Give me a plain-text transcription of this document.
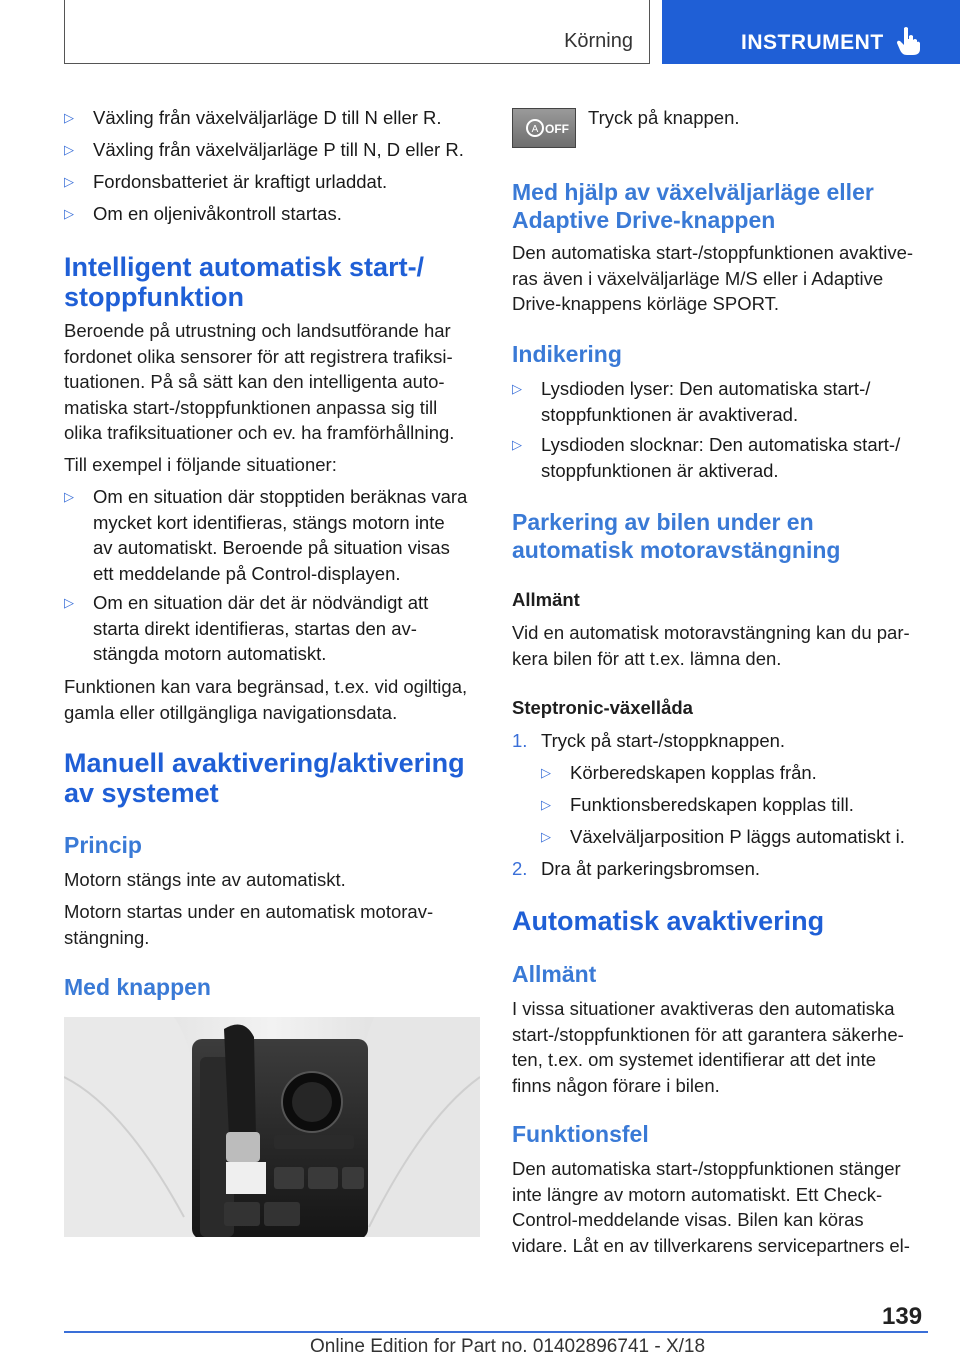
Körning	INSTRUMENT
▷ Växling från växelväljarläge D till N eller R.
▷ Växling från växelväljarläge P till N, D eller R.
▷ Fordonsbatteriet är kraftigt urladdat.
▷ Om en oljenivåkontroll startas.
Intelligent automatisk start-/
stoppfunktion
Beroende på utrustning och landsutförande har
fordonet olika sensorer för att registrera trafiksi‐
tuationen. På så sätt kan den intelligenta auto‐
matiska start-/stoppfunktionen anpassa sig till
olika trafiksituationer och ev. ha framförhållning.
Till exempel i följande situationer:
▷ Om en situation där stopptiden beräknas vara
mycket kort identifieras, stängs motorn inte
av automatiskt. Beroende på situation visas
ett meddelande på Control-displayen.
▷ Om en situation där det är nödvändigt att
starta direkt identifieras, startas den av‐
stängda motorn automatiskt.
Funktionen kan vara begränsad, t.ex. vid ogiltiga,
gamla eller otillgängliga navigationsdata.
Manuell avaktivering/aktivering
av systemet
Princip
Motorn stängs inte av automatiskt.
Motorn startas under en automatisk motorav‐
stängning.
Med knappen
A OFF
Tryck på knappen.
Med hjälp av växelväljarläge eller
Adaptive Drive-knappen
Den automatiska start-/stoppfunktionen avaktive‐
ras även i växelväljarläge M/S eller i Adaptive
Drive-knappens körläge SPORT.
Indikering
▷ Lysdioden lyser: Den automatiska start-/
stoppfunktionen är avaktiverad.
▷ Lysdioden slocknar: Den automatiska start-/
stoppfunktionen är aktiverad.
Parkering av bilen under en
automatisk motoravstängning
Allmänt
Vid en automatisk motoravstängning kan du par‐
kera bilen för att t.ex. lämna den.
Steptronic-växellåda
1. Tryck på start-/stoppknappen.
▷ Körberedskapen kopplas från.
▷ Funktionsberedskapen kopplas till.
▷ Växelväljarposition P läggs automatiskt i.
2. Dra åt parkeringsbromsen.
Automatisk avaktivering
Allmänt
I vissa situationer avaktiveras den automatiska
start-/stoppfunktionen för att garantera säkerhe‐
ten, t.ex. om systemet identifierar att det inte
finns någon förare i bilen.
Funktionsfel
Den automatiska start-/stoppfunktionen stänger
inte längre av motorn automatiskt. Ett Check-
Control-meddelande visas. Bilen kan köras
vidare. Låt en av tillverkarens servicepartners el‐
139
Online Edition for Part no. 01402896741 - X/18
